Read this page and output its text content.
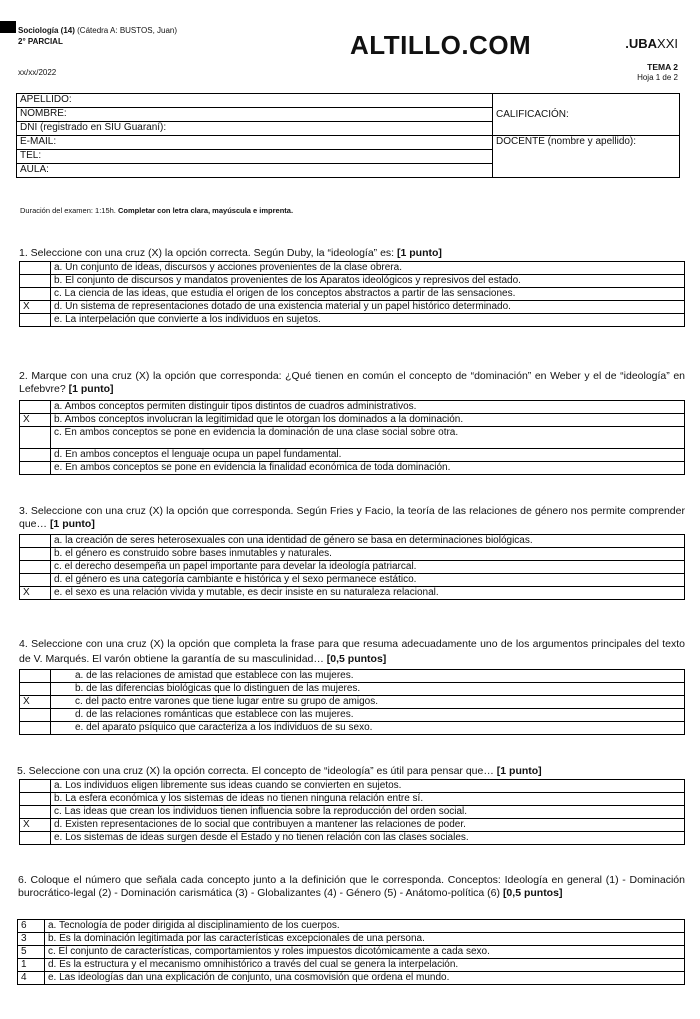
Sociología (14) (Cátedra A: BUSTOS, Juan)
2° PARCIAL
xx/xx/2022
ALTILLO.COM	.UBAXXI
TEMA 2
Hoja 1 de 2
APELLIDO:	CALIFICACIÓN:
NOMBRE:	
DNI (registrado en SIU Guaraní):	
E-MAIL:	DOCENTE (nombre y apellido):
TEL:	
AULA:	
Duración del examen: 1:15h. Completar con letra clara, mayúscula e imprenta.
1. Seleccione con una cruz (X) la opción correcta. Según Duby, la “ideología” es: [1 punto]
	a. Un conjunto de ideas, discursos y acciones provenientes de la clase obrera.
	b. El conjunto de discursos y mandatos provenientes de los Aparatos ideológicos y represivos del estado.
	c. La ciencia de las ideas, que estudia el origen de los conceptos abstractos a partir de las sensaciones.
X	d. Un sistema de representaciones dotado de una existencia material y un papel histórico determinado.
	e. La interpelación que convierte a los individuos en sujetos.
2. Marque con una cruz (X) la opción que corresponda: ¿Qué tienen en común el concepto de “dominación” en Weber y el de “ideología” en Lefebvre? [1 punto]
	a. Ambos conceptos permiten distinguir tipos distintos de cuadros administrativos.
X	b. Ambos conceptos involucran la legitimidad que le otorgan los dominados a la dominación.
	c. En ambos conceptos se pone en evidencia la dominación de una clase social sobre otra.
	d. En ambos conceptos el lenguaje ocupa un papel fundamental.
	e. En ambos conceptos se pone en evidencia la finalidad económica de toda dominación.
3. Seleccione con una cruz (X) la opción que corresponda. Según Fries y Facio, la teoría de las relaciones de género nos permite comprender que… [1 punto]
	a. la creación de seres heterosexuales con una identidad de género se basa en determinaciones biológicas.
	b. el género es construido sobre bases inmutables y naturales.
	c. el derecho desempeña un papel importante para develar la ideología patriarcal.
	d. el género es una categoría cambiante e histórica y el sexo permanece estático.
X	e. el sexo es una relación vivida y mutable, es decir insiste en su naturaleza relacional.
4. Seleccione con una cruz (X) la opción que completa la frase para que resuma adecuadamente uno de los argumentos principales del texto de V. Marqués. El varón obtiene la garantía de su masculinidad… [0,5 puntos]
	a. de las relaciones de amistad que establece con las mujeres.
	b. de las diferencias biológicas que lo distinguen de las mujeres.
X	c. del pacto entre varones que tiene lugar entre su grupo de amigos.
	d. de las relaciones románticas que establece con las mujeres.
	e. del aparato psíquico que caracteriza a los individuos de su sexo.
5. Seleccione con una cruz (X) la opción correcta. El concepto de “ideología” es útil para pensar que… [1 punto]
	a. Los individuos eligen libremente sus ideas cuando se convierten en sujetos.
	b. La esfera económica y los sistemas de ideas no tienen ninguna relación entre sí.
	c. Las ideas que crean los individuos tienen influencia sobre la reproducción del orden social.
X	d. Existen representaciones de lo social que contribuyen a mantener las relaciones de poder.
	e. Los sistemas de ideas surgen desde el Estado y no tienen relación con las clases sociales.
6. Coloque el número que señala cada concepto junto a la definición que le corresponda. Conceptos: Ideología en general (1) - Dominación burocrático-legal (2) - Dominación carismática (3) - Globalizantes (4) - Género (5) - Anátomo-política (6) [0,5 puntos]
6	a. Tecnología de poder dirigida al disciplinamiento de los cuerpos.
3	b. Es la dominación legitimada por las características excepcionales de una persona.
5	c. El conjunto de características, comportamientos y roles impuestos dicotómicamente a cada sexo.
1	d. Es la estructura y el mecanismo omnihistórico a través del cual se genera la interpelación.
4	e. Las ideologías dan una explicación de conjunto, una cosmovisión que ordena el mundo.
